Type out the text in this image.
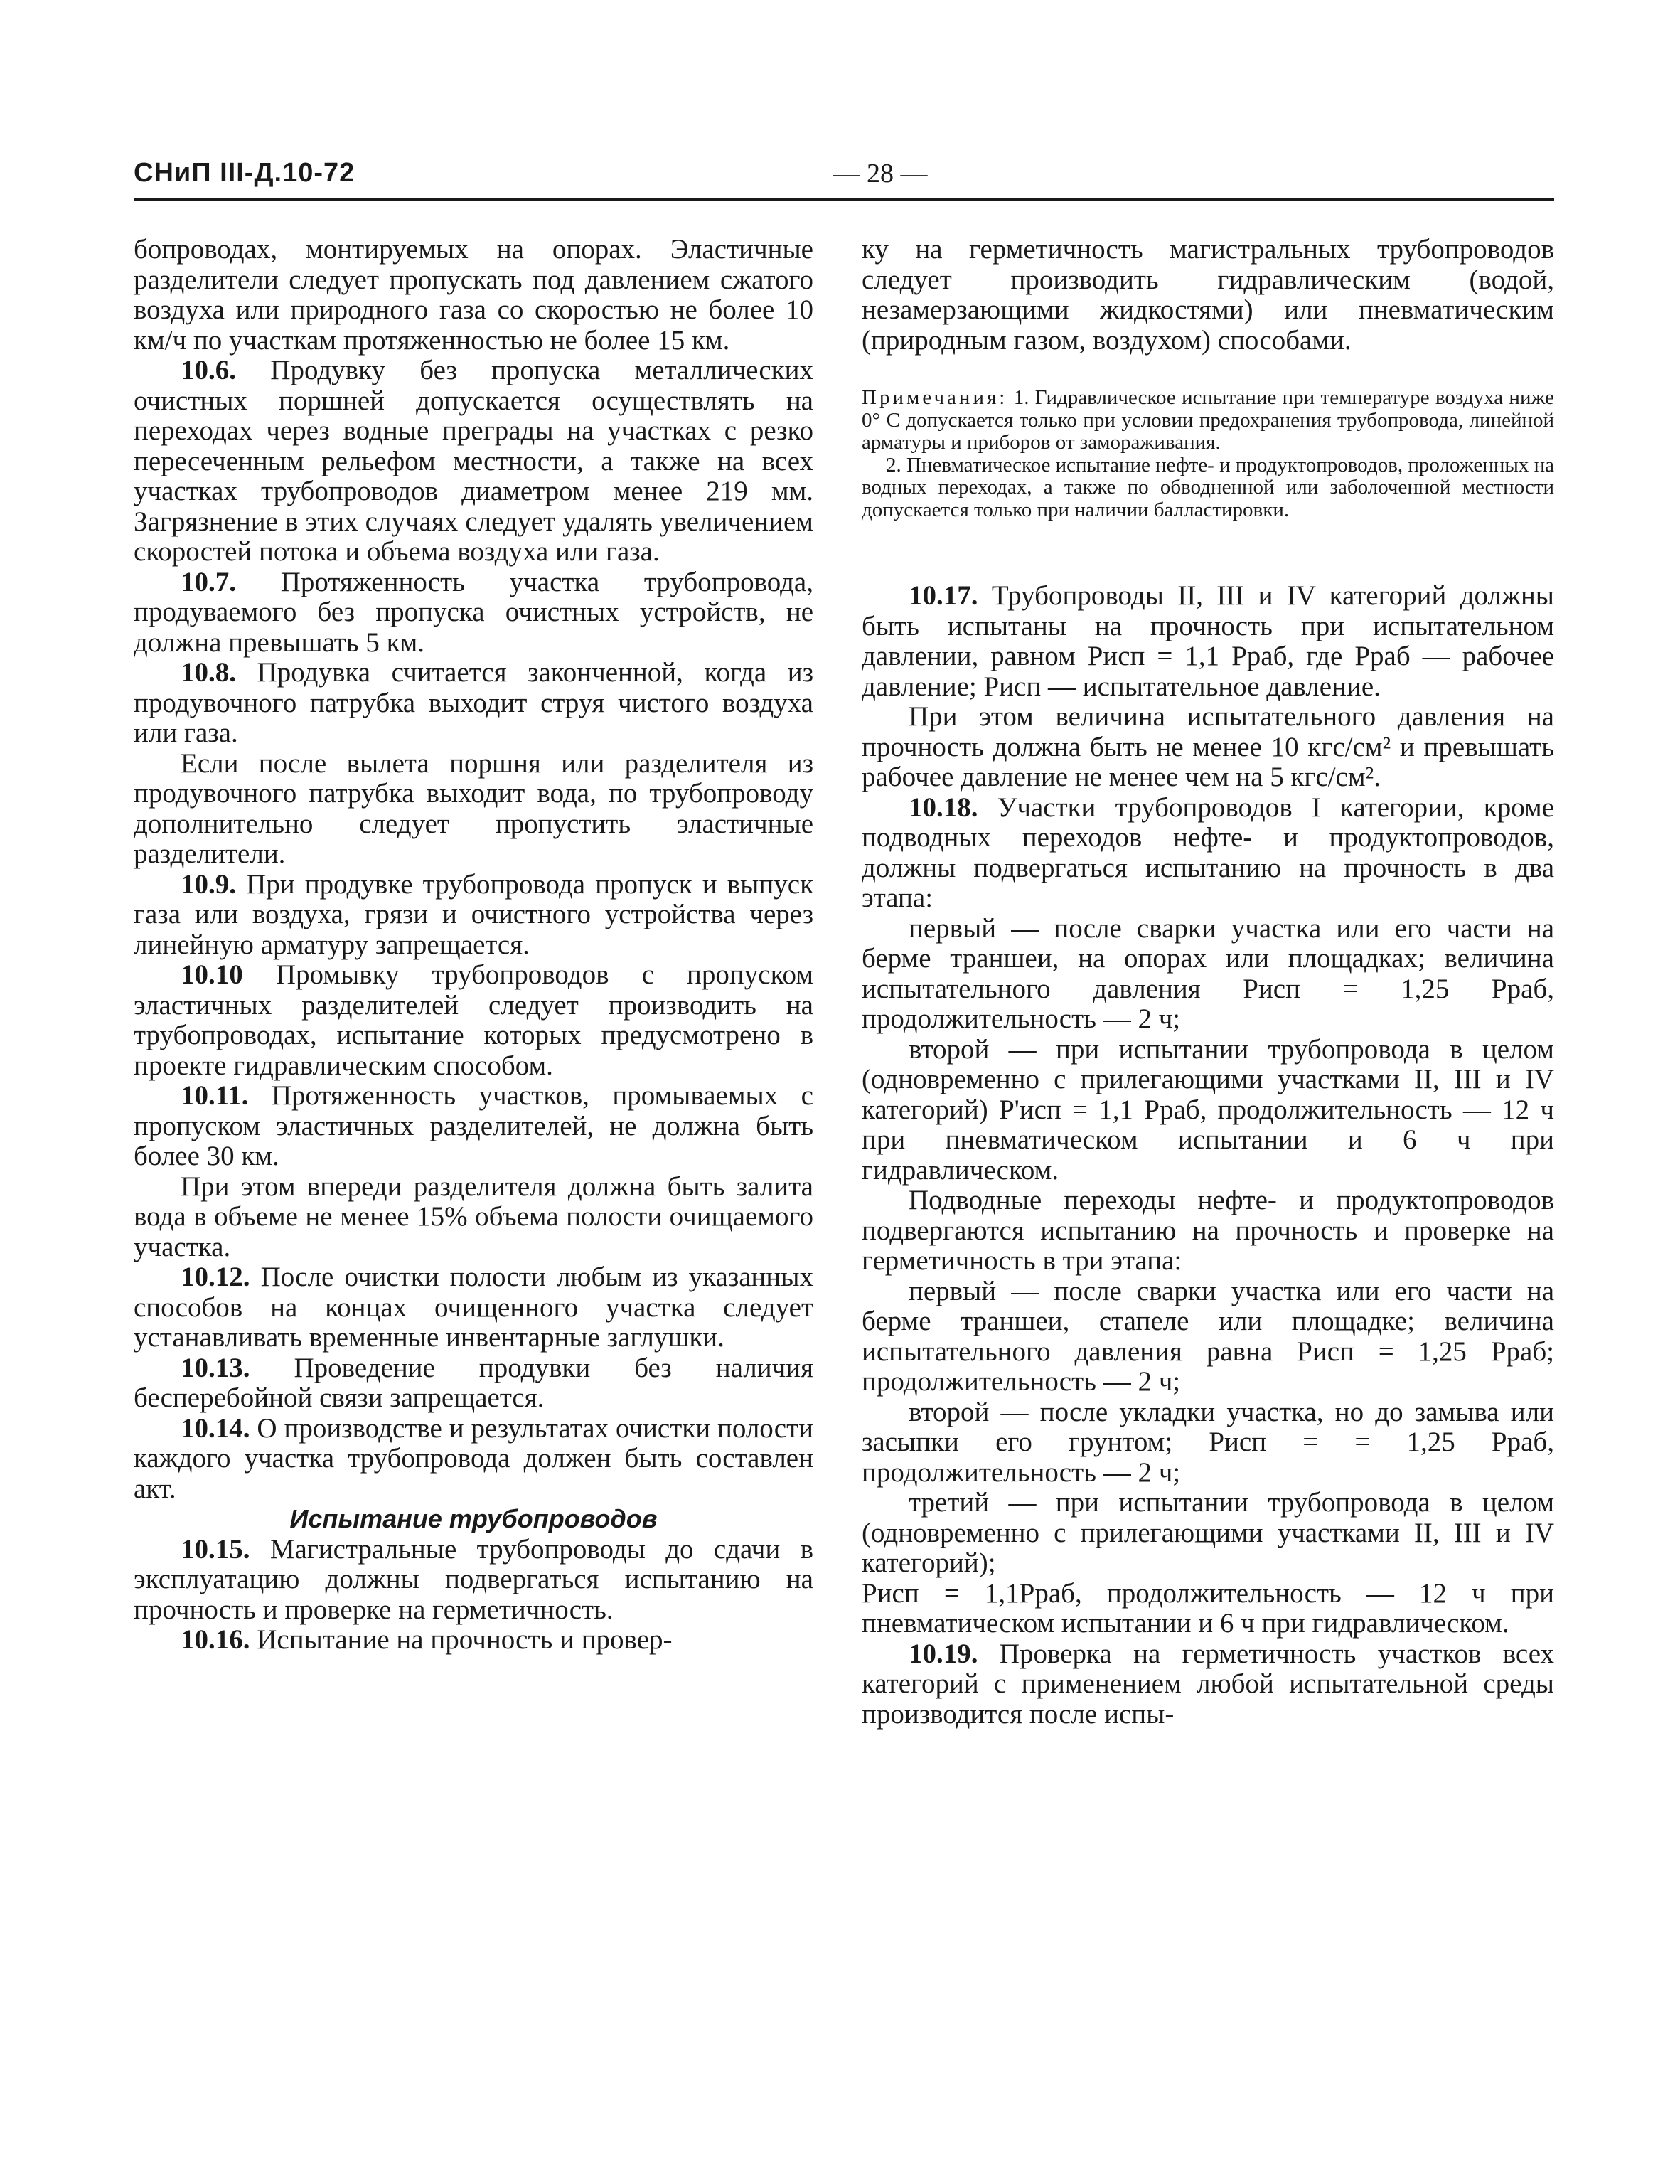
СНиП III-Д.10-72	— 28 —

бопроводах, монтируемых на опорах. Эластичные разделители следует пропускать под давлением сжатого воздуха или природного газа со скоростью не более 10 км/ч по участкам протяженностью не более 15 км.

10.6. Продувку без пропуска металлических очистных поршней допускается осуществлять на переходах через водные преграды на участках с резко пересеченным рельефом местности, а также на всех участках трубопроводов диаметром менее 219 мм. Загрязнение в этих случаях следует удалять увеличением скоростей потока и объема воздуха или газа.

10.7. Протяженность участка трубопровода, продуваемого без пропуска очистных устройств, не должна превышать 5 км.

10.8. Продувка считается законченной, когда из продувочного патрубка выходит струя чистого воздуха или газа.

Если после вылета поршня или разделителя из продувочного патрубка выходит вода, по трубопроводу дополнительно следует пропустить эластичные разделители.

10.9. При продувке трубопровода пропуск и выпуск газа или воздуха, грязи и очистного устройства через линейную арматуру запрещается.

10.10 Промывку трубопроводов с пропуском эластичных разделителей следует производить на трубопроводах, испытание которых предусмотрено в проекте гидравлическим способом.

10.11. Протяженность участков, промываемых с пропуском эластичных разделителей, не должна быть более 30 км.

При этом впереди разделителя должна быть залита вода в объеме не менее 15% объема полости очищаемого участка.

10.12. После очистки полости любым из указанных способов на концах очищенного участка следует устанавливать временные инвентарные заглушки.

10.13. Проведение продувки без наличия бесперебойной связи запрещается.

10.14. О производстве и результатах очистки полости каждого участка трубопровода должен быть составлен акт.

Испытание трубопроводов

10.15. Магистральные трубопроводы до сдачи в эксплуатацию должны подвергаться испытанию на прочность и проверке на герметичность.

10.16. Испытание на прочность и провер-

ку на герметичность магистральных трубопроводов следует производить гидравлическим (водой, незамерзающими жидкостями) или пневматическим (природным газом, воздухом) способами.

Примечания: 1. Гидравлическое испытание при температуре воздуха ниже 0° С допускается только при условии предохранения трубопровода, линейной арматуры и приборов от замораживания.

2. Пневматическое испытание нефте- и продуктопроводов, проложенных на водных переходах, а также по обводненной или заболоченной местности допускается только при наличии балластировки.

10.17. Трубопроводы II, III и IV категорий должны быть испытаны на прочность при испытательном давлении, равном Pисп = 1,1 Pраб, где Pраб — рабочее давление; Pисп — испытательное давление.

При этом величина испытательного давления на прочность должна быть не менее 10 кгс/см² и превышать рабочее давление не менее чем на 5 кгс/см².

10.18. Участки трубопроводов I категории, кроме подводных переходов нефте- и продуктопроводов, должны подвергаться испытанию на прочность в два этапа:

первый — после сварки участка или его части на берме траншеи, на опорах или площадках; величина испытательного давления Pисп = 1,25 Pраб, продолжительность — 2 ч;

второй — при испытании трубопровода в целом (одновременно с прилегающими участками II, III и IV категорий) P'исп = 1,1 Pраб, продолжительность — 12 ч при пневматическом испытании и 6 ч при гидравлическом.

Подводные переходы нефте- и продуктопроводов подвергаются испытанию на прочность и проверке на герметичность в три этапа:

первый — после сварки участка или его части на берме траншеи, стапеле или площадке; величина испытательного давления равна Pисп = 1,25 Pраб; продолжительность — 2 ч;

второй — после укладки участка, но до замыва или засыпки его грунтом; Pисп = = 1,25 Pраб, продолжительность — 2 ч;

третий — при испытании трубопровода в целом (одновременно с прилегающими участками II, III и IV категорий);

Pисп = 1,1Pраб, продолжительность — 12 ч при пневматическом испытании и 6 ч при гидравлическом.

10.19. Проверка на герметичность участков всех категорий с применением любой испытательной среды производится после испы-
